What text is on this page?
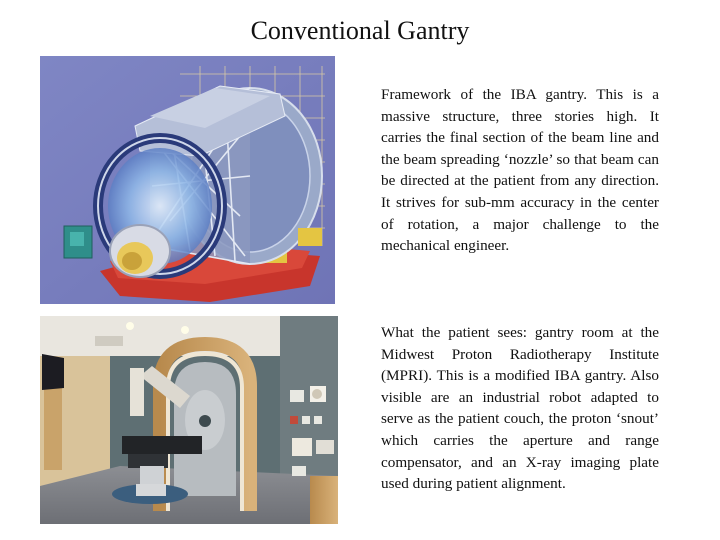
Conventional Gantry

Framework of the IBA gantry. This is a massive structure, three stories high. It carries the final section of the beam line and the beam spreading ‘nozzle’ so that beam can be directed at the patient from any direction. It strives for sub-mm accuracy in the center of rotation, a major challenge to the mechanical engineer.

What the patient sees: gantry room at the Midwest Proton Radiotherapy Institute (MPRI). This is a modified IBA gantry. Also visible are an industrial robot adapted to serve as the patient couch, the proton ‘snout’ which carries the aperture and range compensator, and an X-ray imaging plate used during patient alignment.
